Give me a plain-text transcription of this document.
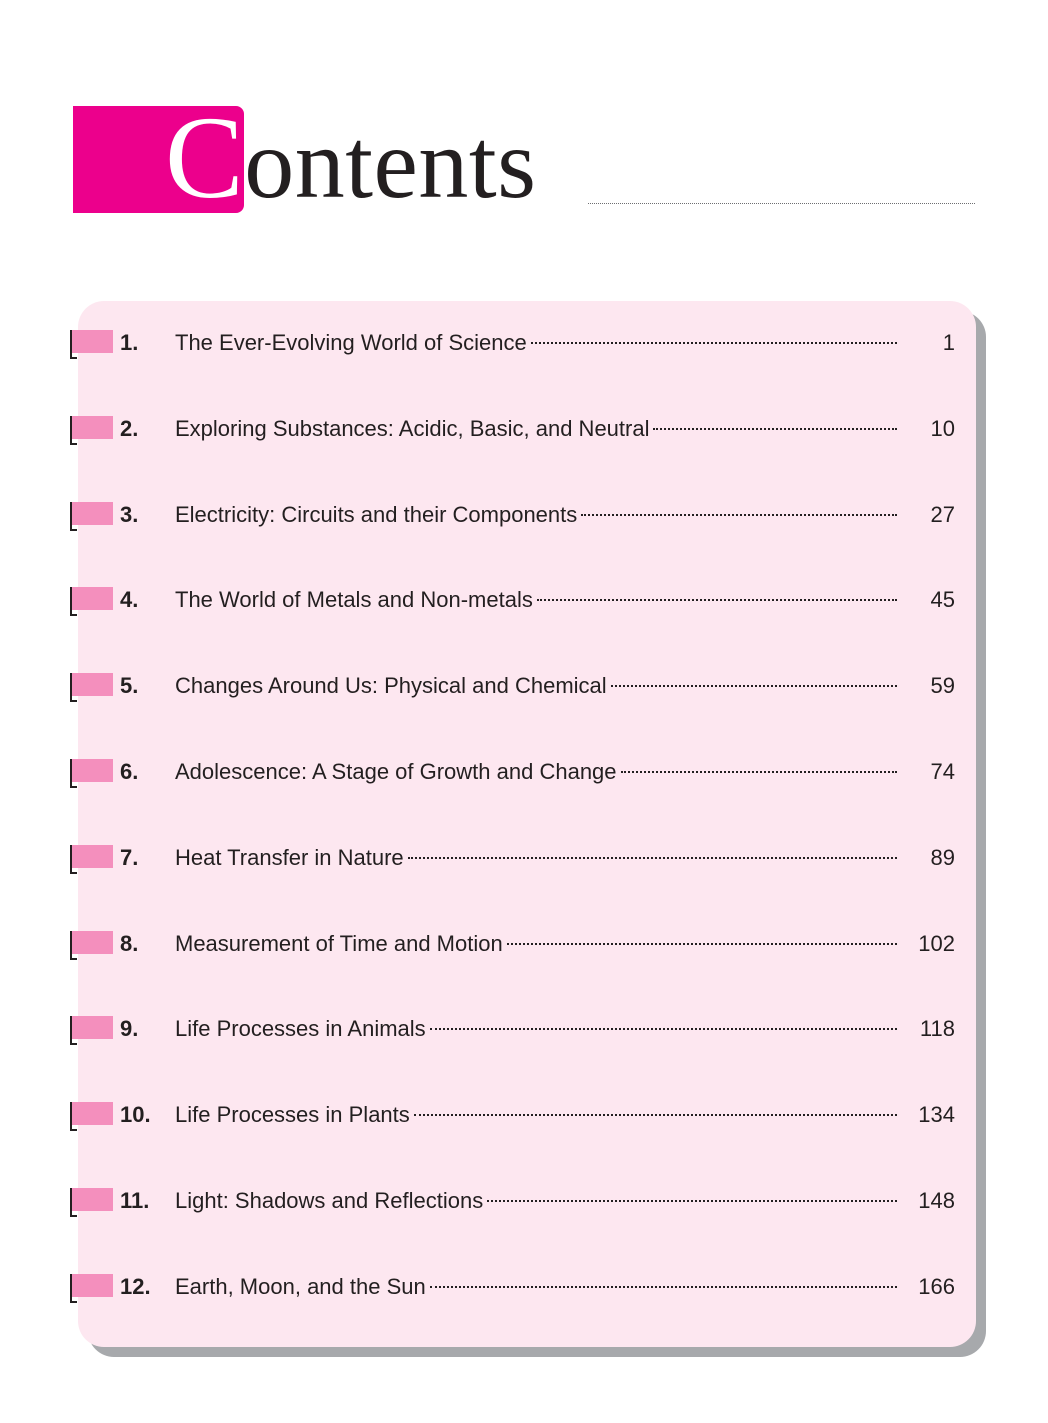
Contents
1. The Ever-Evolving World of Science	1
2. Exploring Substances: Acidic, Basic, and Neutral	10
3. Electricity: Circuits and their Components	27
4. The World of Metals and Non-metals	45
5. Changes Around Us: Physical and Chemical	59
6. Adolescence: A Stage of Growth and Change	74
7. Heat Transfer in Nature	89
8. Measurement of Time and Motion	102
9. Life Processes in Animals	118
10. Life Processes in Plants	134
11. Light: Shadows and Reflections	148
12. Earth, Moon, and the Sun	166
